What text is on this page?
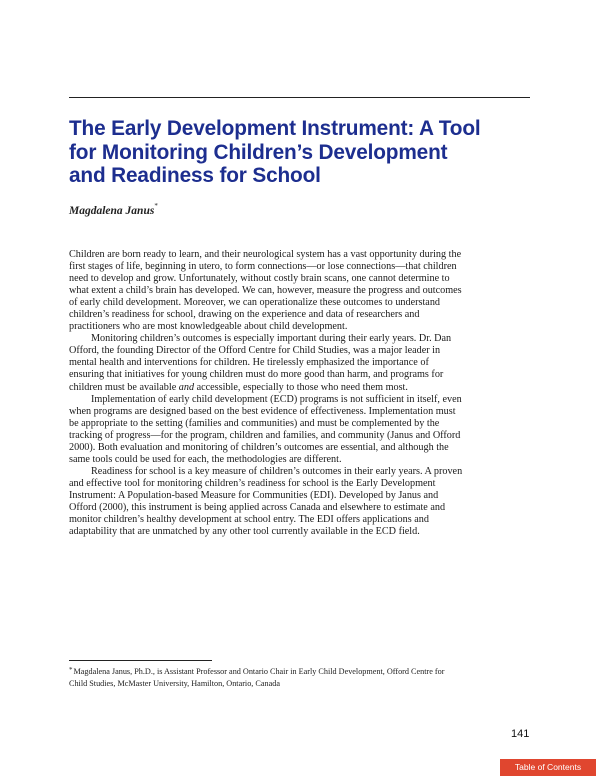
The Early Development Instrument: A Tool
for Monitoring Children’s Development
and Readiness for School

Magdalena Janus*

Children are born ready to learn, and their neurological system has a vast opportunity during the
first stages of life, beginning in utero, to form connections—or lose connections—that children
need to develop and grow. Unfortunately, without costly brain scans, one cannot determine to
what extent a child’s brain has developed. We can, however, measure the progress and outcomes
of early child development. Moreover, we can operationalize these outcomes to understand
children’s readiness for school, drawing on the experience and data of researchers and
practitioners who are most knowledgeable about child development.

Monitoring children’s outcomes is especially important during their early years. Dr. Dan
Offord, the founding Director of the Offord Centre for Child Studies, was a major leader in
mental health and interventions for children. He tirelessly emphasized the importance of
ensuring that initiatives for young children must do more good than harm, and programs for
children must be available and accessible, especially to those who need them most.

Implementation of early child development (ECD) programs is not sufficient in itself, even
when programs are designed based on the best evidence of effectiveness. Implementation must
be appropriate to the setting (families and communities) and must be complemented by the
tracking of progress—for the program, children and families, and community (Janus and Offord
2000). Both evaluation and monitoring of children’s outcomes are essential, and although the
same tools could be used for each, the methodologies are different.

Readiness for school is a key measure of children’s outcomes in their early years. A proven
and effective tool for monitoring children’s readiness for school is the Early Development
Instrument: A Population-based Measure for Communities (EDI). Developed by Janus and
Offord (2000), this instrument is being applied across Canada and elsewhere to estimate and
monitor children’s healthy development at school entry. The EDI offers applications and
adaptability that are unmatched by any other tool currently available in the ECD field.

*Magdalena Janus, Ph.D., is Assistant Professor and Ontario Chair in Early Child Development, Offord Centre for
Child Studies, McMaster University, Hamilton, Ontario, Canada

141

Table of Contents
